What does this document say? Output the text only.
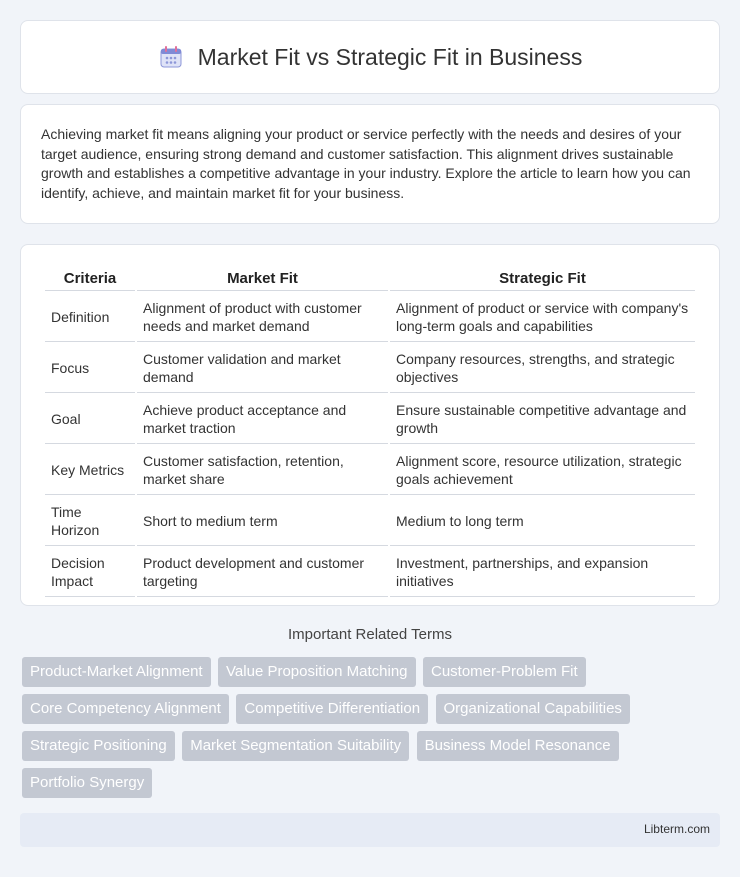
Market Fit vs Strategic Fit in Business

Achieving market fit means aligning your product or service perfectly with the needs and desires of your target audience, ensuring strong demand and customer satisfaction. This alignment drives sustainable growth and establishes a competitive advantage in your industry. Explore the article to learn how you can identify, achieve, and maintain market fit for your business.

Criteria	Market Fit	Strategic Fit
Definition	Alignment of product with customer needs and market demand	Alignment of product or service with company's long-term goals and capabilities
Focus	Customer validation and market demand	Company resources, strengths, and strategic objectives
Goal	Achieve product acceptance and market traction	Ensure sustainable competitive advantage and growth
Key Metrics	Customer satisfaction, retention, market share	Alignment score, resource utilization, strategic goals achievement
Time Horizon	Short to medium term	Medium to long term
Decision Impact	Product development and customer targeting	Investment, partnerships, and expansion initiatives
Important Related Terms
Product-Market Alignment Value Proposition Matching Customer-Problem Fit Core Competency Alignment Competitive Differentiation Organizational Capabilities Strategic Positioning Market Segmentation Suitability Business Model Resonance Portfolio Synergy
Libterm.com
